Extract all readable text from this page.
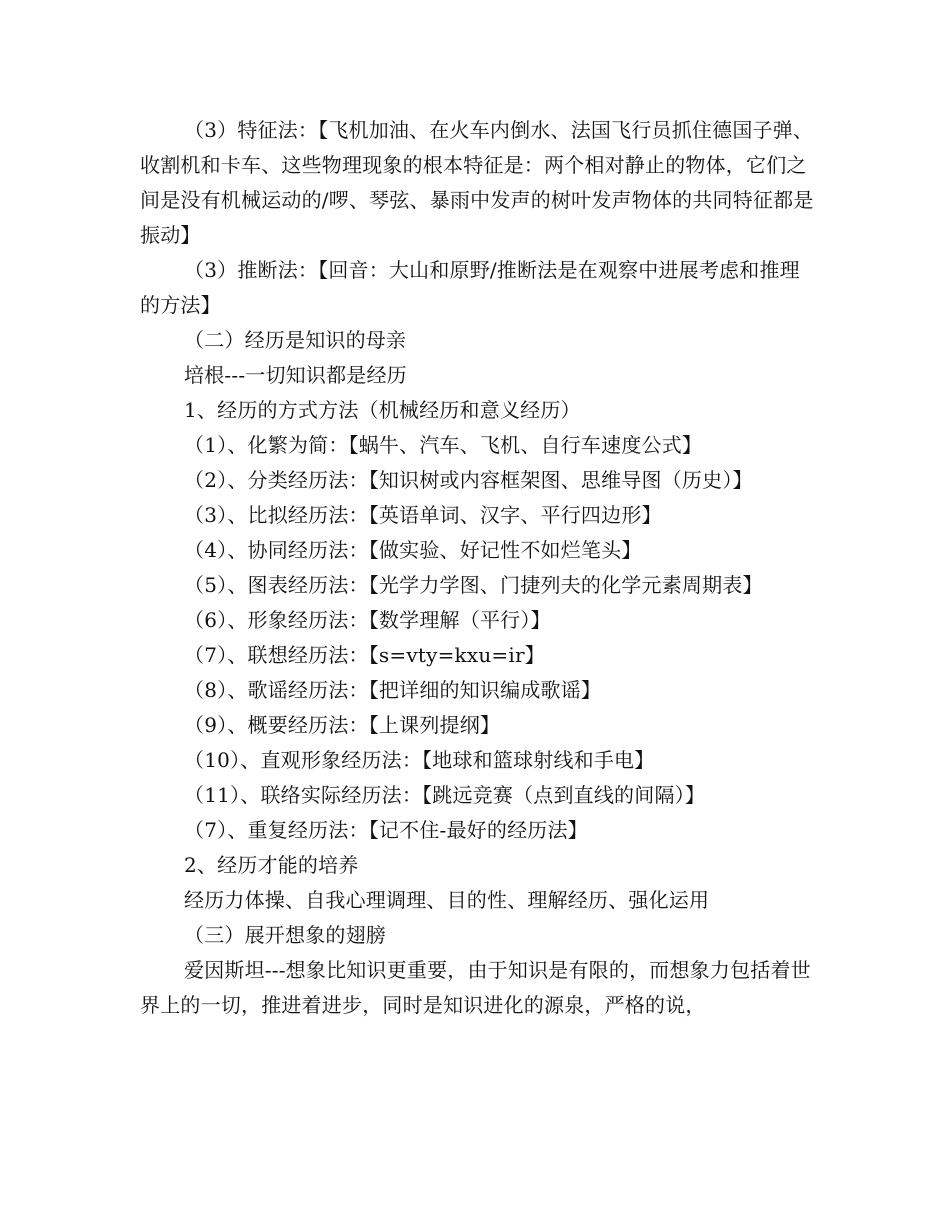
（3）特征法：【飞机加油、在火车内倒水、法国飞行员抓住德国子弹、收割机和卡车、这些物理现象的根本特征是：两个相对静止的物体，它们之间是没有机械运动的/啰、琴弦、暴雨中发声的树叶发声物体的共同特征都是振动】

（3）推断法：【回音：大山和原野/推断法是在观察中进展考虑和推理的方法】

（二）经历是知识的母亲

培根---一切知识都是经历

1、经历的方式方法（机械经历和意义经历）

（1）、化繁为简：【蜗牛、汽车、飞机、自行车速度公式】

（2）、分类经历法：【知识树或内容框架图、思维导图（历史）】

（3）、比拟经历法：【英语单词、汉字、平行四边形】

（4）、协同经历法：【做实验、好记性不如烂笔头】

（5）、图表经历法：【光学力学图、门捷列夫的化学元素周期表】

（6）、形象经历法：【数学理解（平行）】

（7）、联想经历法：【s=vty=kxu=ir】

（8）、歌谣经历法：【把详细的知识编成歌谣】

（9）、概要经历法：【上课列提纲】

（10）、直观形象经历法：【地球和篮球射线和手电】

（11）、联络实际经历法：【跳远竞赛（点到直线的间隔）】

（7）、重复经历法：【记不住-最好的经历法】

2、经历才能的培养

经历力体操、自我心理调理、目的性、理解经历、强化运用

（三）展开想象的翅膀

爱因斯坦---想象比知识更重要，由于知识是有限的，而想象力包括着世界上的一切，推进着进步，同时是知识进化的源泉，严格的说，
